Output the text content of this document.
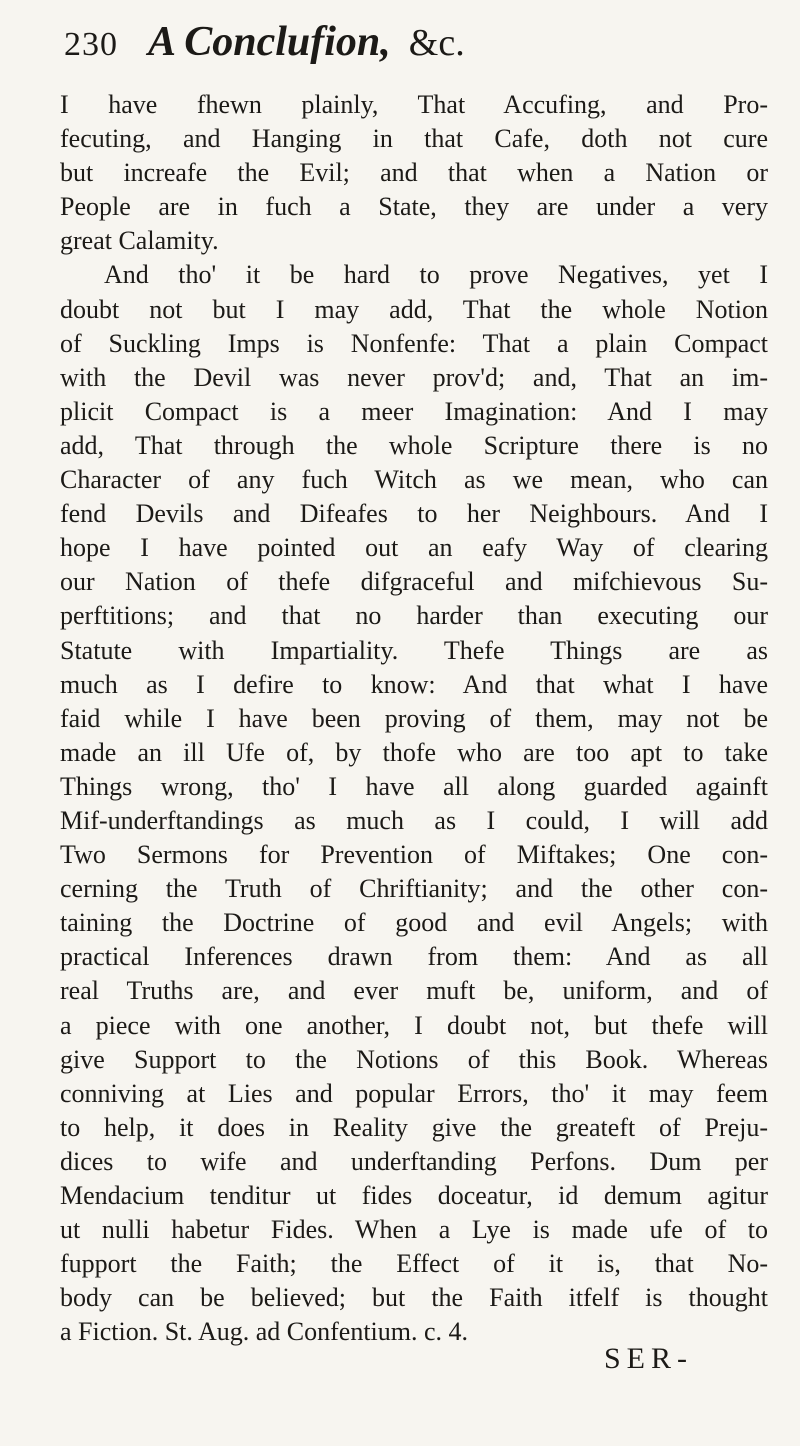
230 A Conclufion, &c.
I have fhewn plainly, That Accufing, and Pro-
fecuting, and Hanging in that Cafe, doth not cure
but increafe the Evil; and that when a Nation or
People are in fuch a State, they are under a very
great Calamity.
And tho' it be hard to prove Negatives, yet I
doubt not but I may add, That the whole Notion
of Suckling Imps is Nonfenfe: That a plain Compact
with the Devil was never prov'd; and, That an im-
plicit Compact is a meer Imagination: And I may
add, That through the whole Scripture there is no
Character of any fuch Witch as we mean, who can
fend Devils and Difeafes to her Neighbours. And I
hope I have pointed out an eafy Way of clearing
our Nation of thefe difgraceful and mifchievous Su-
perftitions; and that no harder than executing our
Statute with Impartiality. Thefe Things are as
much as I defire to know: And that what I have
faid while I have been proving of them, may not be
made an ill Ufe of, by thofe who are too apt to take
Things wrong, tho' I have all along guarded againft
Mif-underftandings as much as I could, I will add
Two Sermons for Prevention of Miftakes; One con-
cerning the Truth of Chriftianity; and the other con-
taining the Doctrine of good and evil Angels; with
practical Inferences drawn from them: And as all
real Truths are, and ever muft be, uniform, and of
a piece with one another, I doubt not, but thefe will
give Support to the Notions of this Book. Whereas
conniving at Lies and popular Errors, tho' it may feem
to help, it does in Reality give the greateft of Preju-
dices to wife and underftanding Perfons. Dum per
Mendacium tenditur ut fides doceatur, id demum agitur
ut nulli habetur Fides. When a Lye is made ufe of to
fupport the Faith; the Effect of it is, that No-
body can be believed; but the Faith itfelf is thought
a Fiction. St. Aug. ad Confentium. c. 4.
SER-
